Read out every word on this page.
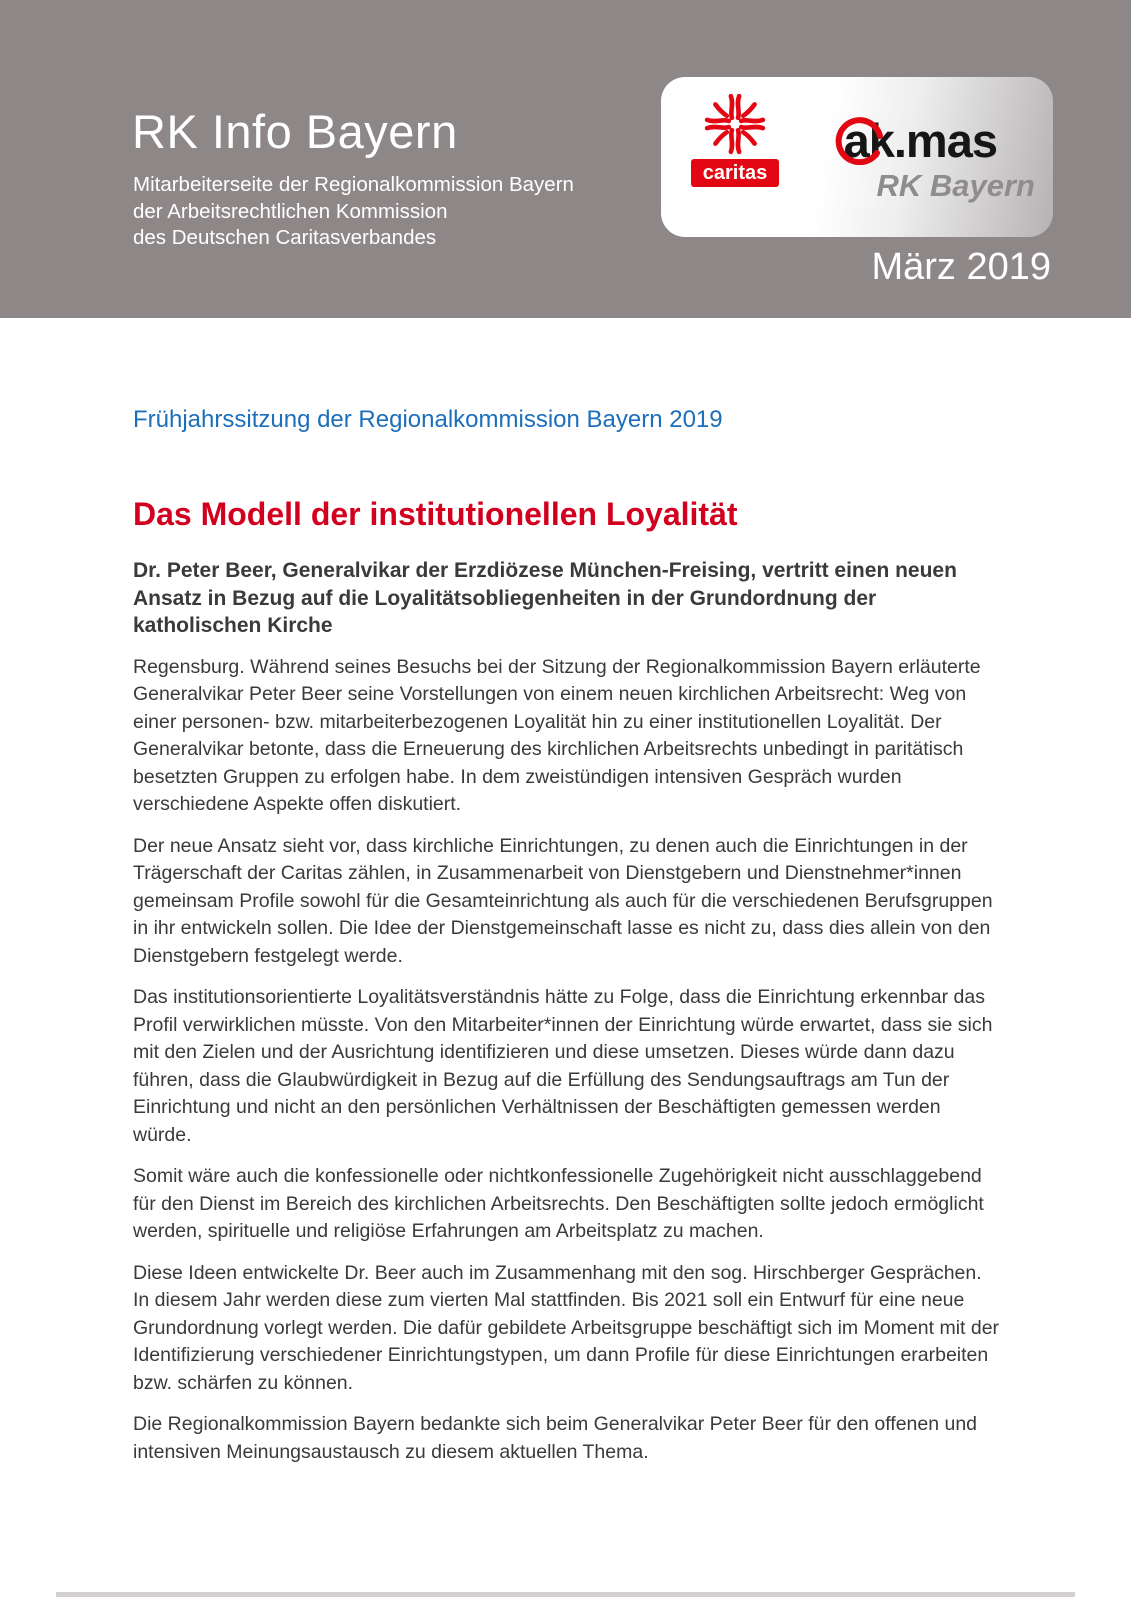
RK Info Bayern

Mitarbeiterseite der Regionalkommission Bayern

der Arbeitsrechtlichen Kommission

des Deutschen Caritasverbandes

caritas
ak.mas
RK Bayern

März 2019

Frühjahrssitzung der Regionalkommission Bayern 2019
Das Modell der institutionellen Loyalität

Dr. Peter Beer, Generalvikar der Erzdiözese München-Freising, vertritt einen neuen Ansatz in Bezug auf die Loyalitätsobliegenheiten in der Grundordnung der katholischen Kirche

Regensburg. Während seines Besuchs bei der Sitzung der Regionalkommission Bayern erläuterte Generalvikar Peter Beer seine Vorstellungen von einem neuen kirchlichen Arbeitsrecht: Weg von einer personen- bzw. mitarbeiterbezogenen Loyalität hin zu einer institutionellen Loyalität. Der Generalvikar betonte, dass die Erneuerung des kirchlichen Arbeitsrechts unbedingt in paritätisch besetzten Gruppen zu erfolgen habe. In dem zweistündigen intensiven Gespräch wurden verschiedene Aspekte offen diskutiert.

Der neue Ansatz sieht vor, dass kirchliche Einrichtungen, zu denen auch die Einrichtungen in der Trägerschaft der Caritas zählen, in Zusammenarbeit von Dienstgebern und Dienstnehmer*innen gemeinsam Profile sowohl für die Gesamteinrichtung als auch für die verschiedenen Berufsgruppen in ihr entwickeln sollen. Die Idee der Dienstgemeinschaft lasse es nicht zu, dass dies allein von den Dienstgebern festgelegt werde.

Das institutionsorientierte Loyalitätsverständnis hätte zu Folge, dass die Einrichtung erkennbar das Profil verwirklichen müsste. Von den Mitarbeiter*innen der Einrichtung würde erwartet, dass sie sich mit den Zielen und der Ausrichtung identifizieren und diese umsetzen. Dieses würde dann dazu führen, dass die Glaubwürdigkeit in Bezug auf die Erfüllung des Sendungsauftrags am Tun der Einrichtung und nicht an den persönlichen Verhältnissen der Beschäftigten gemessen werden würde.

Somit wäre auch die konfessionelle oder nichtkonfessionelle Zugehörigkeit nicht ausschlaggebend für den Dienst im Bereich des kirchlichen Arbeitsrechts. Den Beschäftigten sollte jedoch ermöglicht werden, spirituelle und religiöse Erfahrungen am Arbeitsplatz zu machen.

Diese Ideen entwickelte Dr. Beer auch im Zusammenhang mit den sog. Hirschberger Gesprächen. In diesem Jahr werden diese zum vierten Mal stattfinden. Bis 2021 soll ein Entwurf für eine neue Grundordnung vorlegt werden. Die dafür gebildete Arbeitsgruppe beschäftigt sich im Moment mit der Identifizierung verschiedener Einrichtungstypen, um dann Profile für diese Einrichtungen erarbeiten bzw. schärfen zu können.

Die Regionalkommission Bayern bedankte sich beim Generalvikar Peter Beer für den offenen und intensiven Meinungsaustausch zu diesem aktuellen Thema.
